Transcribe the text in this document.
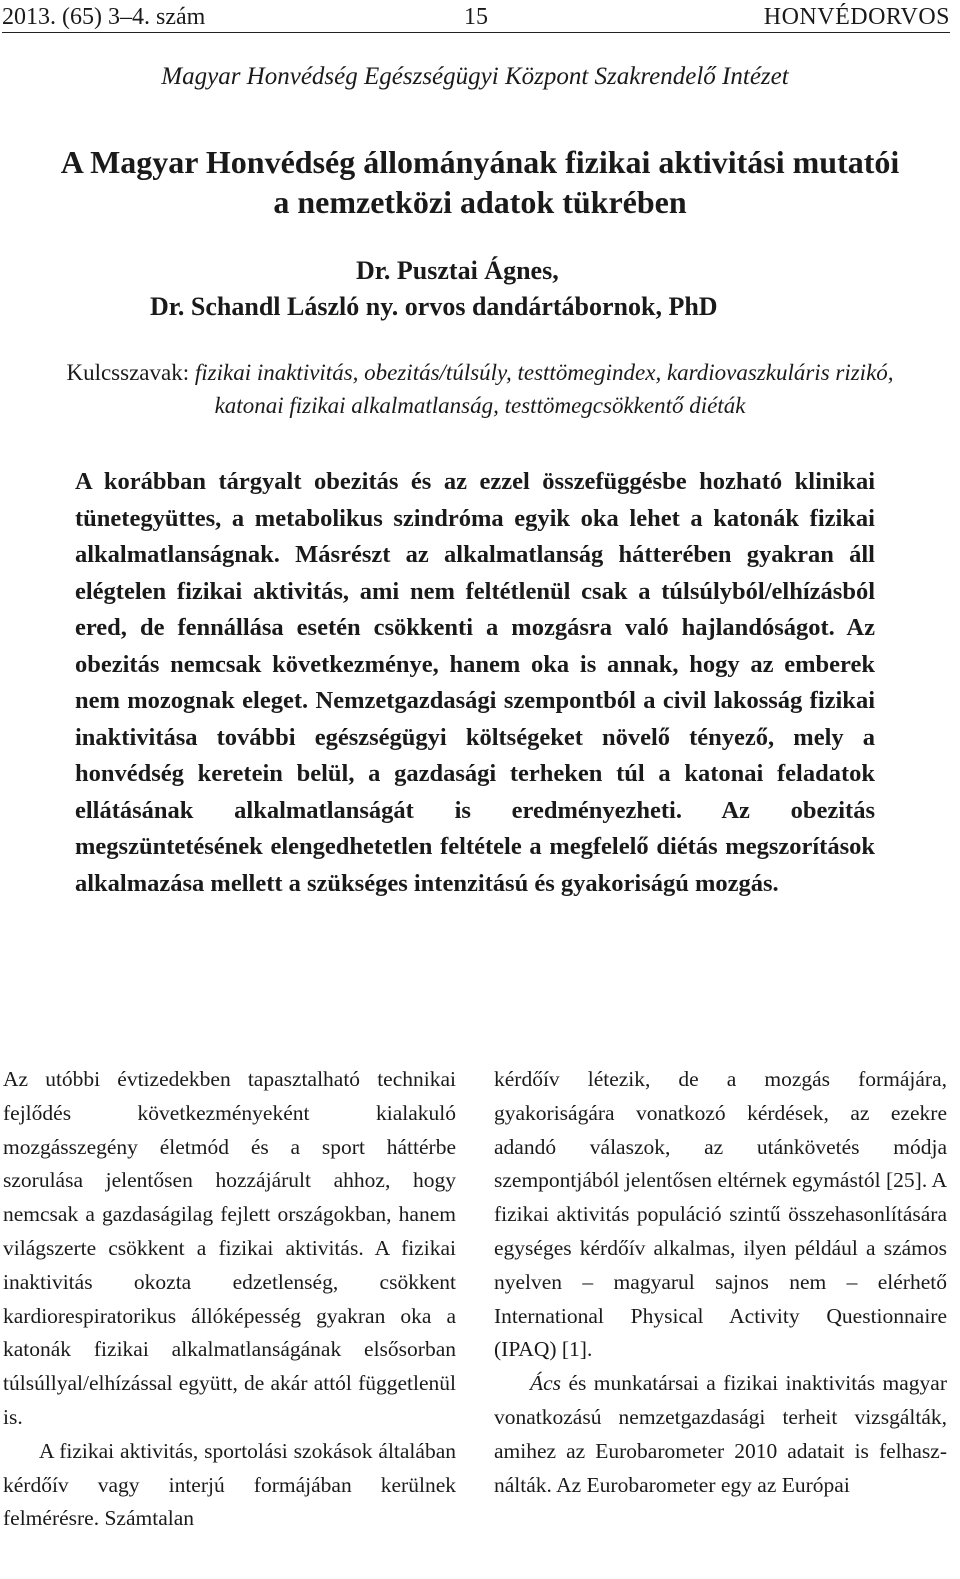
2013. (65) 3–4. szám	15	HONVÉDORVOS
Magyar Honvédség Egészségügyi Központ Szakrendelő Intézet
A Magyar Honvédség állományának fizikai aktivitási mutatói
a nemzetközi adatok tükrében
Dr. Pusztai Ágnes,
Dr. Schandl László ny. orvos dandártábornok, PhD
Kulcsszavak: fizikai inaktivitás, obezitás/túlsúly, testtömegindex, kardiovaszkuláris rizikó, katonai fizikai alkalmatlanság, testtömegcsökkentő diéták
A korábban tárgyalt obezitás és az ezzel összefüggésbe hozható klinikai tünetegyüttes, a metabolikus szindróma egyik oka lehet a katonák fizikai alkalmatlanságnak. Másrészt az alkalmatlanság hátterében gyakran áll elégtelen fizikai aktivitás, ami nem feltétlenül csak a túlsúlyból/elhízásból ered, de fennállása esetén csökkenti a mozgásra való hajlandóságot. Az obezitás nemcsak következménye, hanem oka is annak, hogy az emberek nem mozognak eleget. Nemzetgazdasági szempontból a civil lakosság fizikai inaktivitása további egészségügyi költségeket növelő tényező, mely a honvédség keretein belül, a gazdasági terheken túl a katonai feladatok ellátásának alkalmatlanságát is eredményezheti. Az obezitás megszüntetésének elengedhetetlen feltétele a megfelelő diétás megszorítások alkalmazása mellett a szükséges intenzitású és gyakoriságú mozgás.

Az utóbbi évtizedekben tapasztalható technikai fejlődés következményeként kialakuló mozgásszegény életmód és a sport háttérbe szorulása jelentősen hozzájárult ahhoz, hogy nemcsak a gazdaságilag fejlett országokban, hanem világszerte csökkent a fizikai aktivitás. A fizikai inaktivitás okozta edzetlenség, csökkent kardiorespiratorikus állóképesség gyakran oka a katonák fizikai alkalmatlanságának elsősorban túlsúllyal/elhízással együtt, de akár attól függetlenül is.

A fizikai aktivitás, sportolási szokások általában kérdőív vagy interjú formájában kerülnek felmérésre. Számtalan

kérdőív létezik, de a mozgás formájára, gyakoriságára vonatkozó kérdések, az ezekre adandó válaszok, az utánkövetés módja szempontjából jelentősen eltérnek egymástól [25]. A fizikai aktivitás populáció szintű összehasonlítására egységes kérdőív alkalmas, ilyen például a számos nyelven – magyarul sajnos nem – elérhető International Physical Activity Questionnaire (IPAQ) [1].

Ács és munkatársai a fizikai inaktivitás magyar vonatkozású nemzetgazdasági terheit vizsgálták, amihez az Eurobarometer 2010 adatait is felhasználták. Az Eurobarometer egy az Európai
